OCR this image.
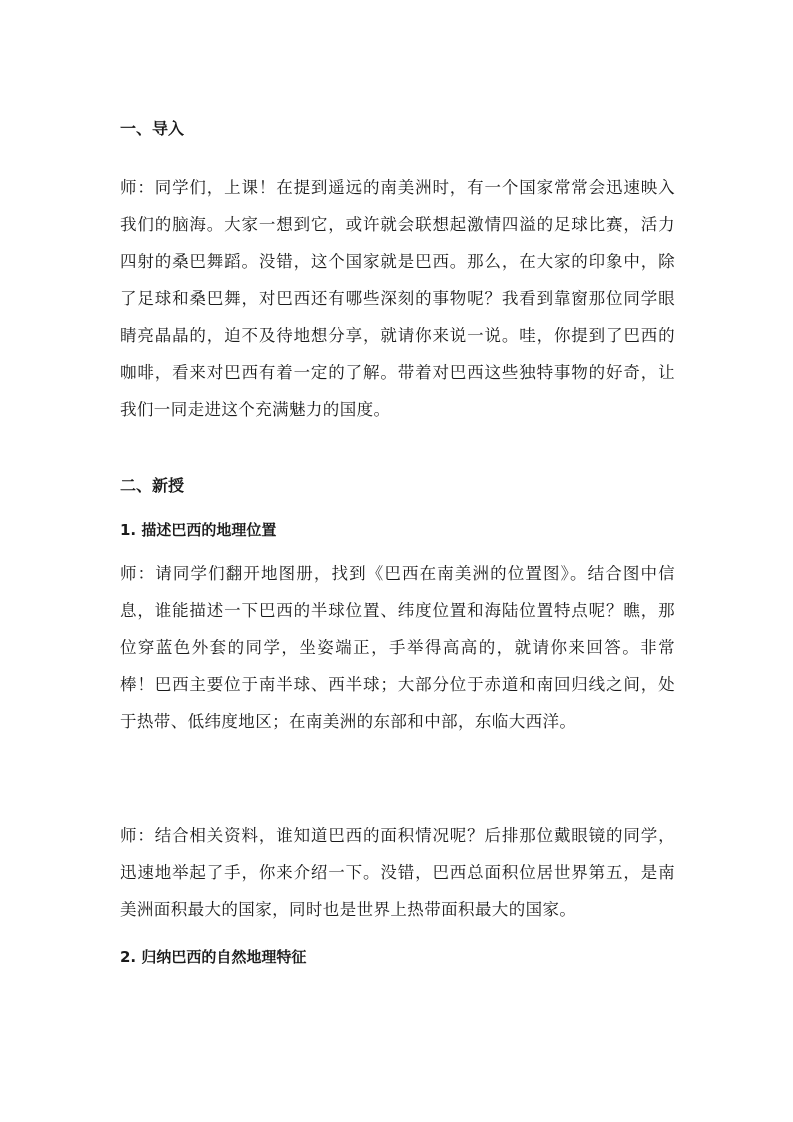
一、导入
师：同学们，上课！在提到遥远的南美洲时，有一个国家常常会迅速映入我们的脑海。大家一想到它，或许就会联想起激情四溢的足球比赛，活力四射的桑巴舞蹈。没错，这个国家就是巴西。那么，在大家的印象中，除了足球和桑巴舞，对巴西还有哪些深刻的事物呢？我看到靠窗那位同学眼睛亮晶晶的，迫不及待地想分享，就请你来说一说。哇，你提到了巴西的咖啡，看来对巴西有着一定的了解。带着对巴西这些独特事物的好奇，让我们一同走进这个充满魅力的国度。
二、新授
1. 描述巴西的地理位置
师：请同学们翻开地图册，找到《巴西在南美洲的位置图》。结合图中信息，谁能描述一下巴西的半球位置、纬度位置和海陆位置特点呢？瞧，那位穿蓝色外套的同学，坐姿端正，手举得高高的，就请你来回答。非常棒！巴西主要位于南半球、西半球；大部分位于赤道和南回归线之间，处于热带、低纬度地区；在南美洲的东部和中部，东临大西洋。
师：结合相关资料，谁知道巴西的面积情况呢？后排那位戴眼镜的同学，迅速地举起了手，你来介绍一下。没错，巴西总面积位居世界第五，是南美洲面积最大的国家，同时也是世界上热带面积最大的国家。
2. 归纳巴西的自然地理特征
